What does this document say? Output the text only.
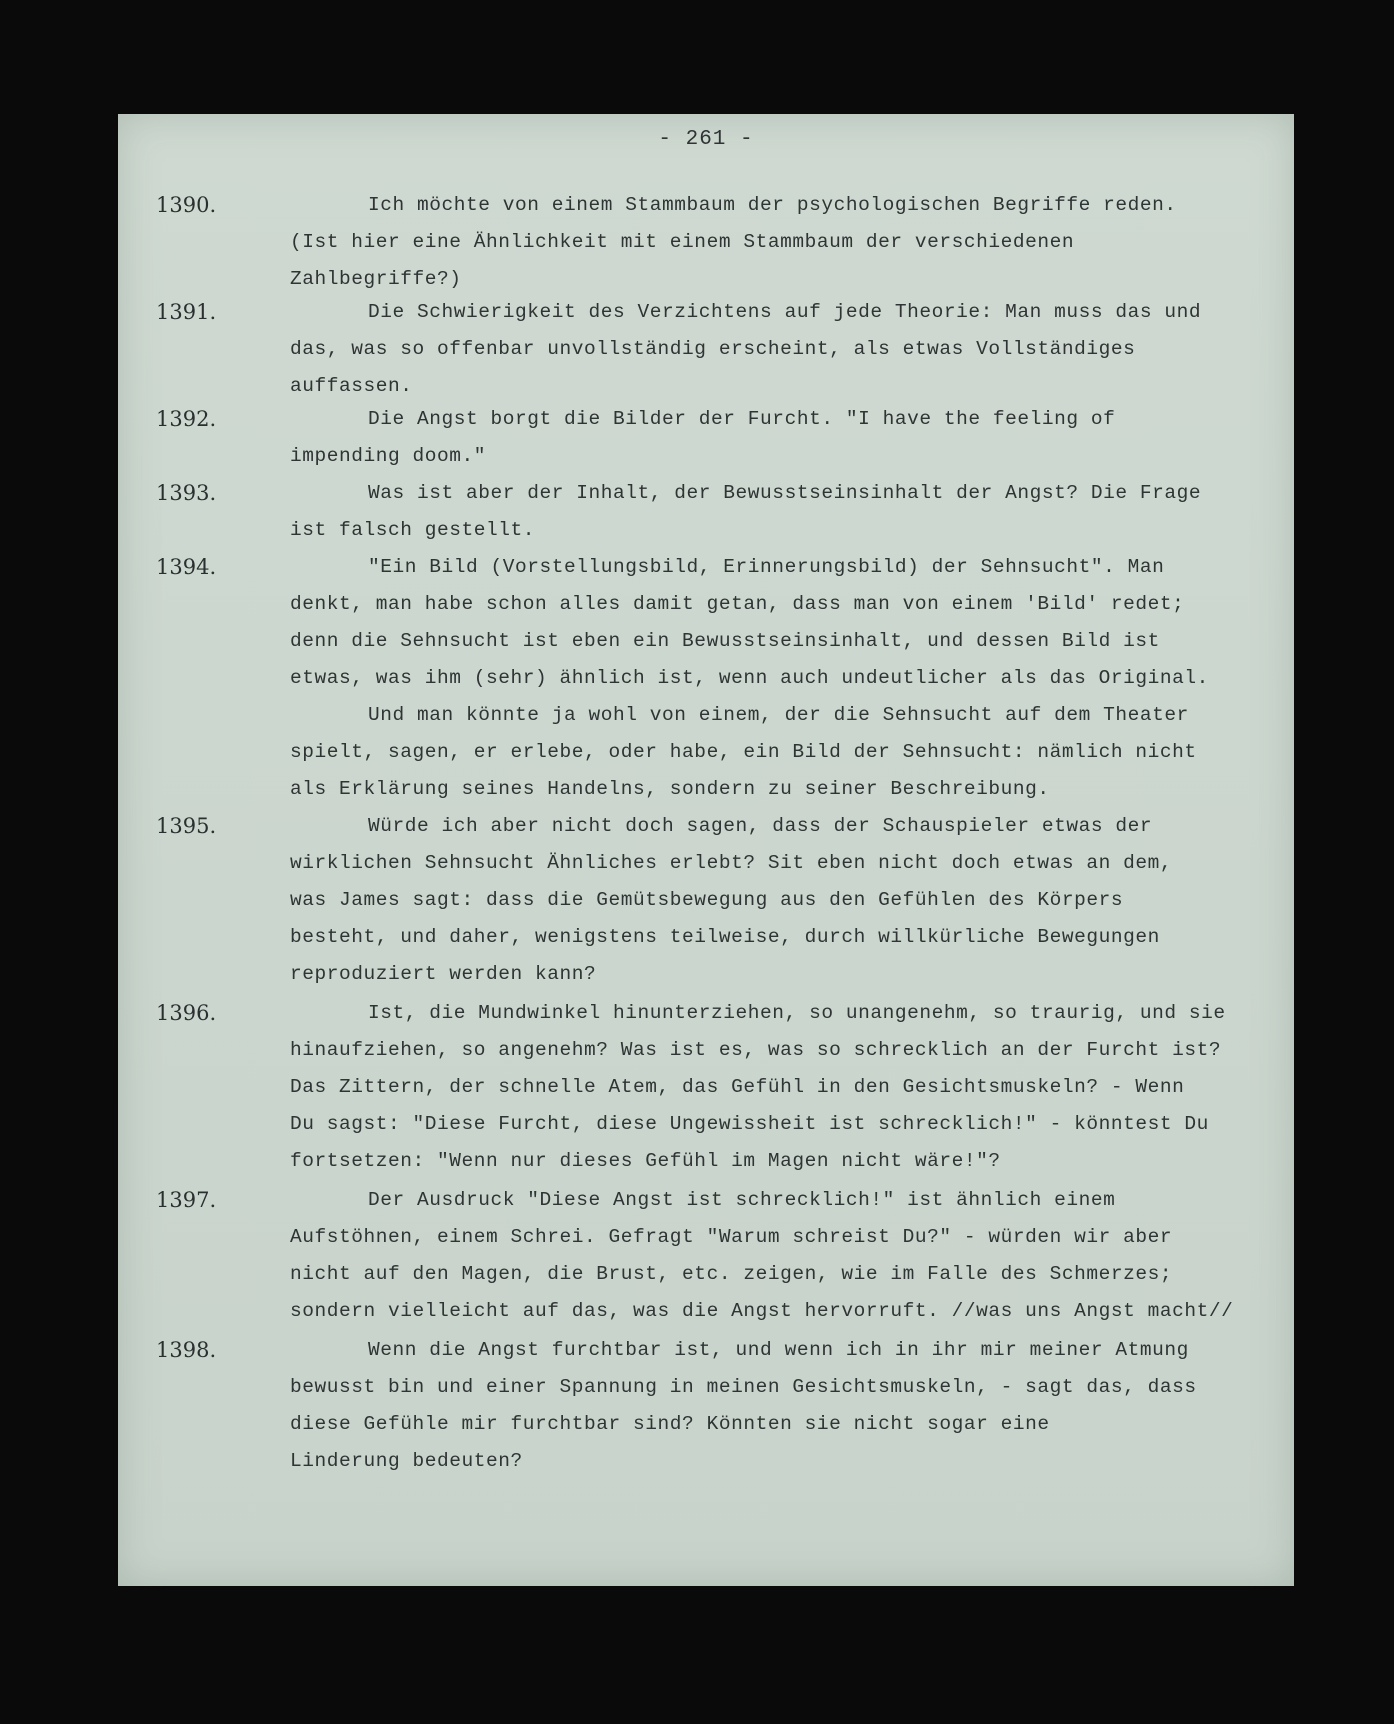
- 261 -
1390.	Ich möchte von einem Stammbaum der psychologischen Begriffe reden.
(Ist hier eine Ähnlichkeit mit einem Stammbaum der verschiedenen
Zahlbegriffe?)
1391.	Die Schwierigkeit des Verzichtens auf jede Theorie: Man muss das und
das, was so offenbar unvollständig erscheint, als etwas Vollständiges
auffassen.
1392.	Die Angst borgt die Bilder der Furcht. "I have the feeling of
impending doom."
1393.	Was ist aber der Inhalt, der Bewusstseinsinhalt der Angst? Die Frage
ist falsch gestellt.
1394.	"Ein Bild (Vorstellungsbild, Erinnerungsbild) der Sehnsucht". Man
denkt, man habe schon alles damit getan, dass man von einem 'Bild' redet;
denn die Sehnsucht ist eben ein Bewusstseinsinhalt, und dessen Bild ist
etwas, was ihm (sehr) ähnlich ist, wenn auch undeutlicher als das Original.
Und man könnte ja wohl von einem, der die Sehnsucht auf dem Theater
spielt, sagen, er erlebe, oder habe, ein Bild der Sehnsucht: nämlich nicht
als Erklärung seines Handelns, sondern zu seiner Beschreibung.
1395.	Würde ich aber nicht doch sagen, dass der Schauspieler etwas der
wirklichen Sehnsucht Ähnliches erlebt? Sit eben nicht doch etwas an dem,
was James sagt: dass die Gemütsbewegung aus den Gefühlen des Körpers
besteht, und daher, wenigstens teilweise, durch willkürliche Bewegungen
reproduziert werden kann?
1396.	Ist, die Mundwinkel hinunterziehen, so unangenehm, so traurig, und sie
hinaufziehen, so angenehm? Was ist es, was so schrecklich an der Furcht ist?
Das Zittern, der schnelle Atem, das Gefühl in den Gesichtsmuskeln? - Wenn
Du sagst: "Diese Furcht, diese Ungewissheit ist schrecklich!" - könntest Du
fortsetzen: "Wenn nur dieses Gefühl im Magen nicht wäre!"?
1397.	Der Ausdruck "Diese Angst ist schrecklich!" ist ähnlich einem
Aufstöhnen, einem Schrei. Gefragt "Warum schreist Du?" - würden wir aber
nicht auf den Magen, die Brust, etc. zeigen, wie im Falle des Schmerzes;
sondern vielleicht auf das, was die Angst hervorruft. //was uns Angst macht//
1398.	Wenn die Angst furchtbar ist, und wenn ich in ihr mir meiner Atmung
bewusst bin und einer Spannung in meinen Gesichtsmuskeln, - sagt das, dass
diese Gefühle mir furchtbar sind? Könnten sie nicht sogar eine
Linderung bedeuten?
